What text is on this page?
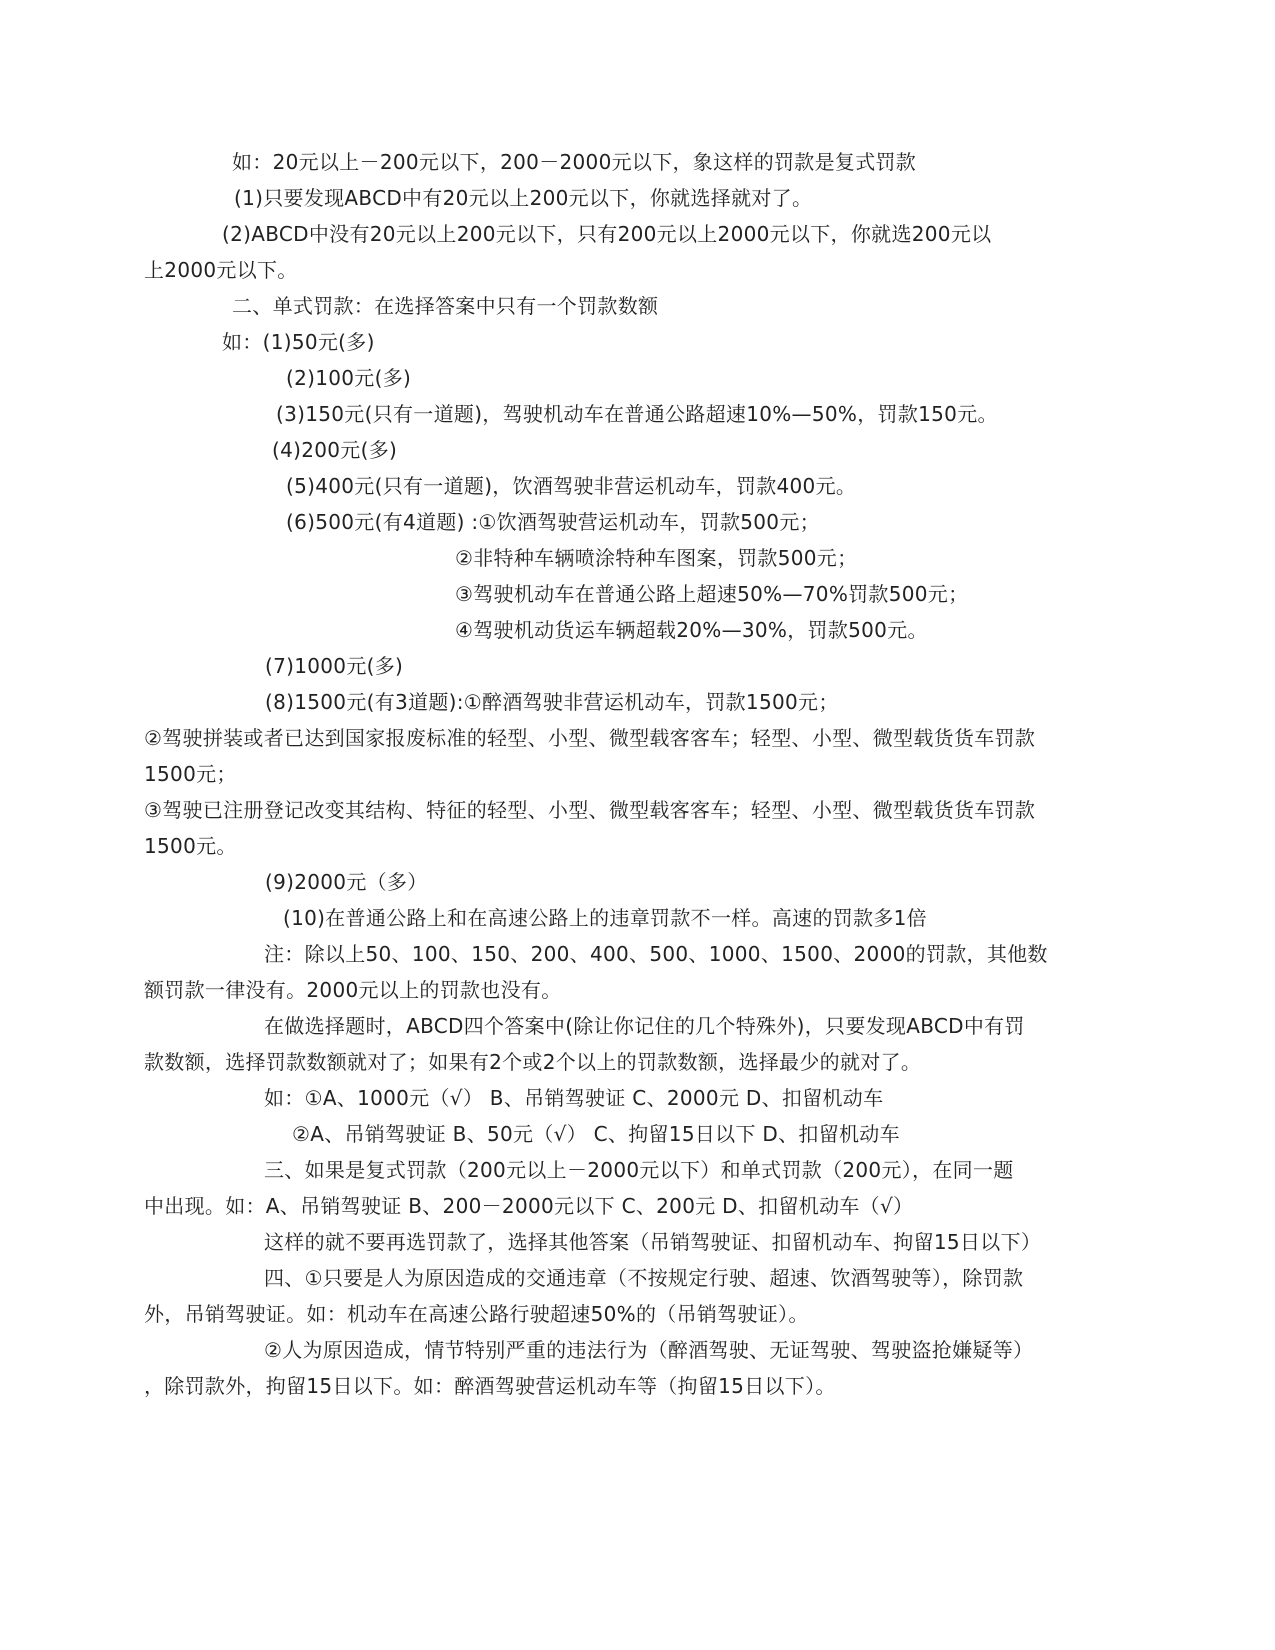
如：20元以上－200元以下，200－2000元以下，象这样的罚款是复式罚款
(1)只要发现ABCD中有20元以上200元以下，你就选择就对了。
(2)ABCD中没有20元以上200元以下，只有200元以上2000元以下，你就选200元以
上2000元以下。
二、单式罚款：在选择答案中只有一个罚款数额
如：(1)50元(多)
(2)100元(多)
(3)150元(只有一道题)，驾驶机动车在普通公路超速10%—50%，罚款150元。
(4)200元(多)
(5)400元(只有一道题)，饮酒驾驶非营运机动车，罚款400元。
(6)500元(有4道题) :①饮酒驾驶营运机动车，罚款500元；
②非特种车辆喷涂特种车图案，罚款500元；
③驾驶机动车在普通公路上超速50%—70%罚款500元；
④驾驶机动货运车辆超载20%—30%，罚款500元。
(7)1000元(多)
(8)1500元(有3道题):①醉酒驾驶非营运机动车，罚款1500元；
②驾驶拼装或者已达到国家报废标准的轻型、小型、微型载客客车；轻型、小型、微型载货货车罚款
1500元；
③驾驶已注册登记改变其结构、特征的轻型、小型、微型载客客车；轻型、小型、微型载货货车罚款
1500元。
(9)2000元（多）
(10)在普通公路上和在高速公路上的违章罚款不一样。高速的罚款多1倍
注：除以上50、100、150、200、400、500、1000、1500、2000的罚款，其他数
额罚款一律没有。2000元以上的罚款也没有。
在做选择题时，ABCD四个答案中(除让你记住的几个特殊外)，只要发现ABCD中有罚
款数额，选择罚款数额就对了；如果有2个或2个以上的罚款数额，选择最少的就对了。
如：①A、1000元（√） B、吊销驾驶证 C、2000元 D、扣留机动车
②A、吊销驾驶证 B、50元（√） C、拘留15日以下 D、扣留机动车
三、如果是复式罚款（200元以上－2000元以下）和单式罚款（200元），在同一题
中出现。如：A、吊销驾驶证 B、200－2000元以下 C、200元 D、扣留机动车（√）
这样的就不要再选罚款了，选择其他答案（吊销驾驶证、扣留机动车、拘留15日以下）
四、①只要是人为原因造成的交通违章（不按规定行驶、超速、饮酒驾驶等），除罚款
外，吊销驾驶证。如：机动车在高速公路行驶超速50%的（吊销驾驶证）。
②人为原因造成，情节特别严重的违法行为（醉酒驾驶、无证驾驶、驾驶盗抢嫌疑等）
，除罚款外，拘留15日以下。如：醉酒驾驶营运机动车等（拘留15日以下）。
